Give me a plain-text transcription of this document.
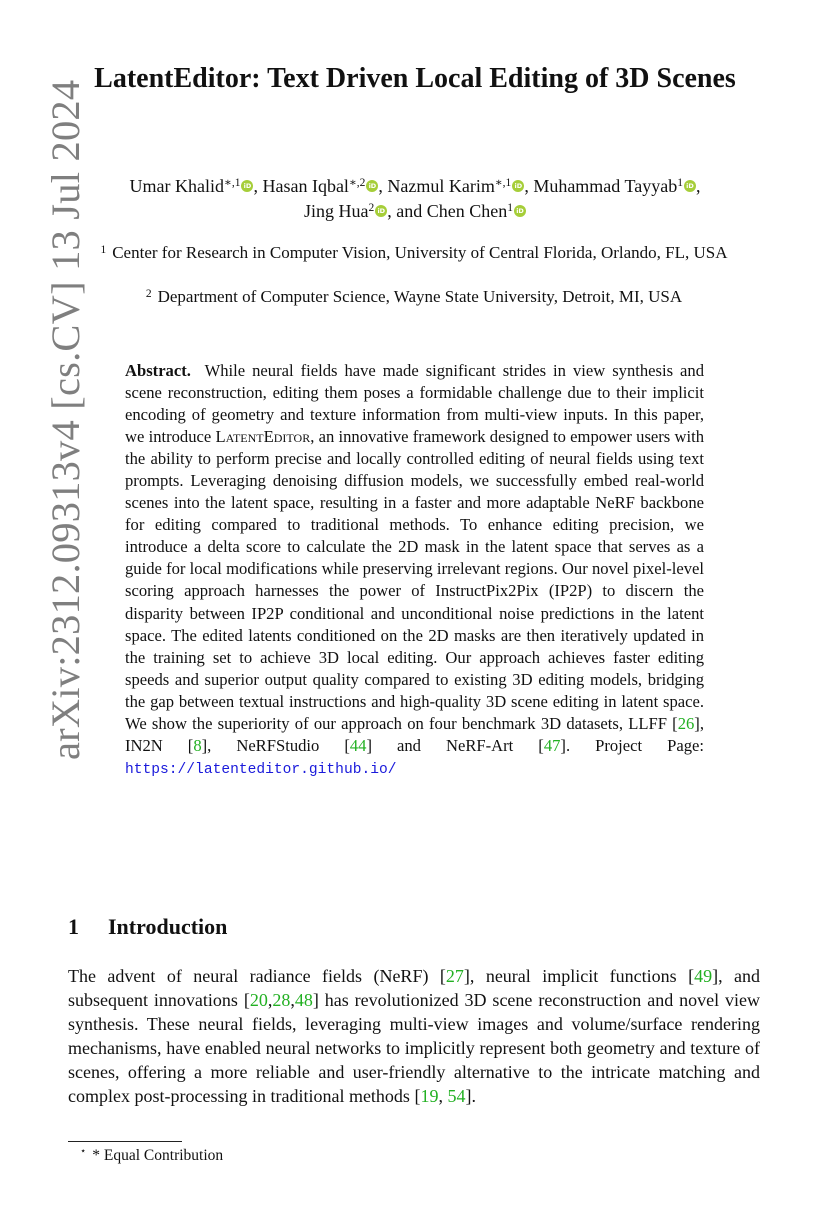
arXiv:2312.09313v4 [cs.CV] 13 Jul 2024
LatentEditor: Text Driven Local Editing of 3D Scenes
Umar Khalid$^{∗,1}$ iD , Hasan Iqbal$^{∗,2}$ iD , Nazmul Karim$^{∗,1}$ iD , Muhammad Tayyab$^1$ iD ,
Jing Hua$^2$ iD , and Chen Chen$^1$ iD
$^1$ Center for Research in Computer Vision, University of Central Florida, Orlando, FL, USA
$^2$ Department of Computer Science, Wayne State University, Detroit, MI, USA
Abstract. While neural fields have made significant strides in view synthesis and scene reconstruction, editing them poses a formidable challenge due to their implicit encoding of geometry and texture information from multi-view inputs. In this paper, we introduce LatentEditor, an innovative framework designed to empower users with the ability to perform precise and locally controlled editing of neural fields using text prompts. Leveraging denoising diffusion models, we successfully embed real-world scenes into the latent space, resulting in a faster and more adaptable NeRF backbone for editing compared to traditional methods. To enhance editing precision, we introduce a delta score to calculate the 2D mask in the latent space that serves as a guide for local modifications while preserving irrelevant regions. Our novel pixel-level scoring approach harnesses the power of InstructPix2Pix (IP2P) to discern the disparity between IP2P conditional and unconditional noise predictions in the latent space. The edited latents conditioned on the 2D masks are then iteratively updated in the training set to achieve 3D local editing. Our approach achieves faster editing speeds and superior output quality compared to existing 3D editing models, bridging the gap between textual instructions and high-quality 3D scene editing in latent space. We show the superiority of our approach on four benchmark 3D datasets, LLFF [26], IN2N [8], NeRFStudio [44] and NeRF-Art [47]. Project Page: https://latenteditor.github.io/
1 Introduction
The advent of neural radiance fields (NeRF) [27], neural implicit functions [49], and subsequent innovations [20,28,48] has revolutionized 3D scene reconstruction and novel view synthesis. These neural fields, leveraging multi-view images and volume/surface rendering mechanisms, have enabled neural networks to implicitly represent both geometry and texture of scenes, offering a more reliable and user-friendly alternative to the intricate matching and complex post-processing in traditional methods [19, 54].
⋆ * Equal Contribution
